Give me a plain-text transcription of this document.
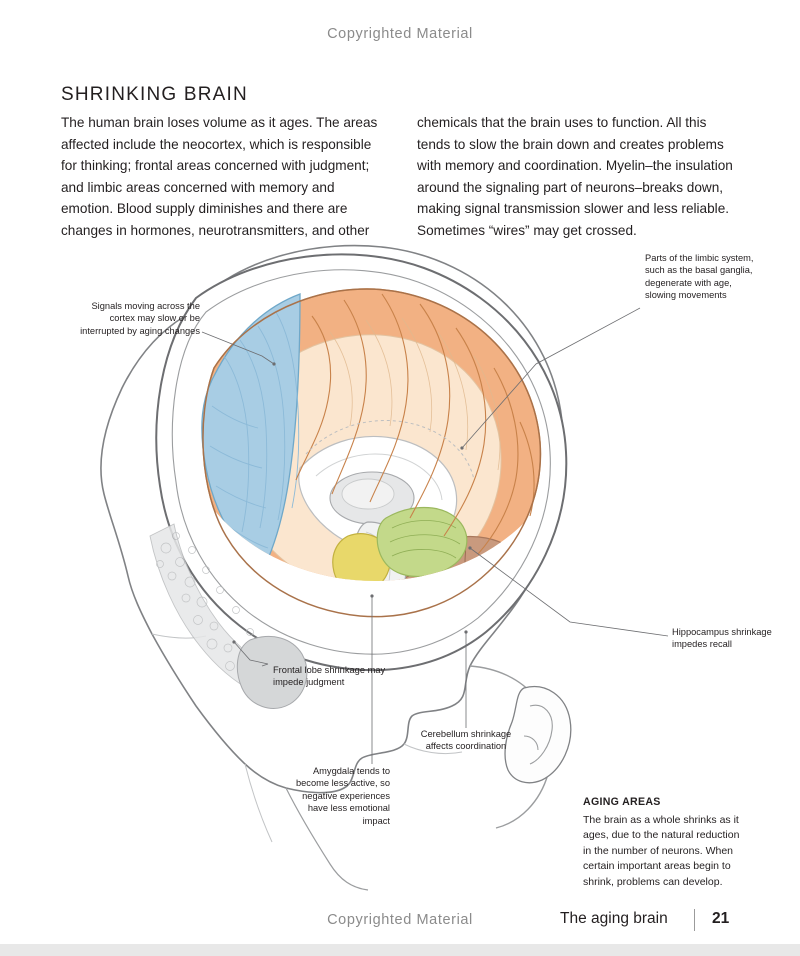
Copyrighted Material
SHRINKING BRAIN
The human brain loses volume as it ages. The areas affected include the neocortex, which is responsible for thinking; frontal areas concerned with judgment; and limbic areas concerned with memory and emotion. Blood supply diminishes and there are changes in hormones, neurotransmitters, and other
chemicals that the brain uses to function. All this tends to slow the brain down and creates problems with memory and coordination. Myelin–the insulation around the signaling part of neurons–breaks down, making signal transmission slower and less reliable. Sometimes “wires” may get crossed.
Signals moving across the cortex may slow or be interrupted by aging changes
Parts of the limbic system, such as the basal ganglia, degenerate with age, slowing movements
Frontal lobe shrinkage may impede judgment
Hippocampus shrinkage impedes recall
Cerebellum shrinkage affects coordination
Amygdala tends to become less active, so negative experiences have less emotional impact
AGING AREAS
The brain as a whole shrinks as it ages, due to the natural reduction in the number of neurons. When certain important areas begin to shrink, problems can develop.
Copyrighted Material	The aging brain	21
